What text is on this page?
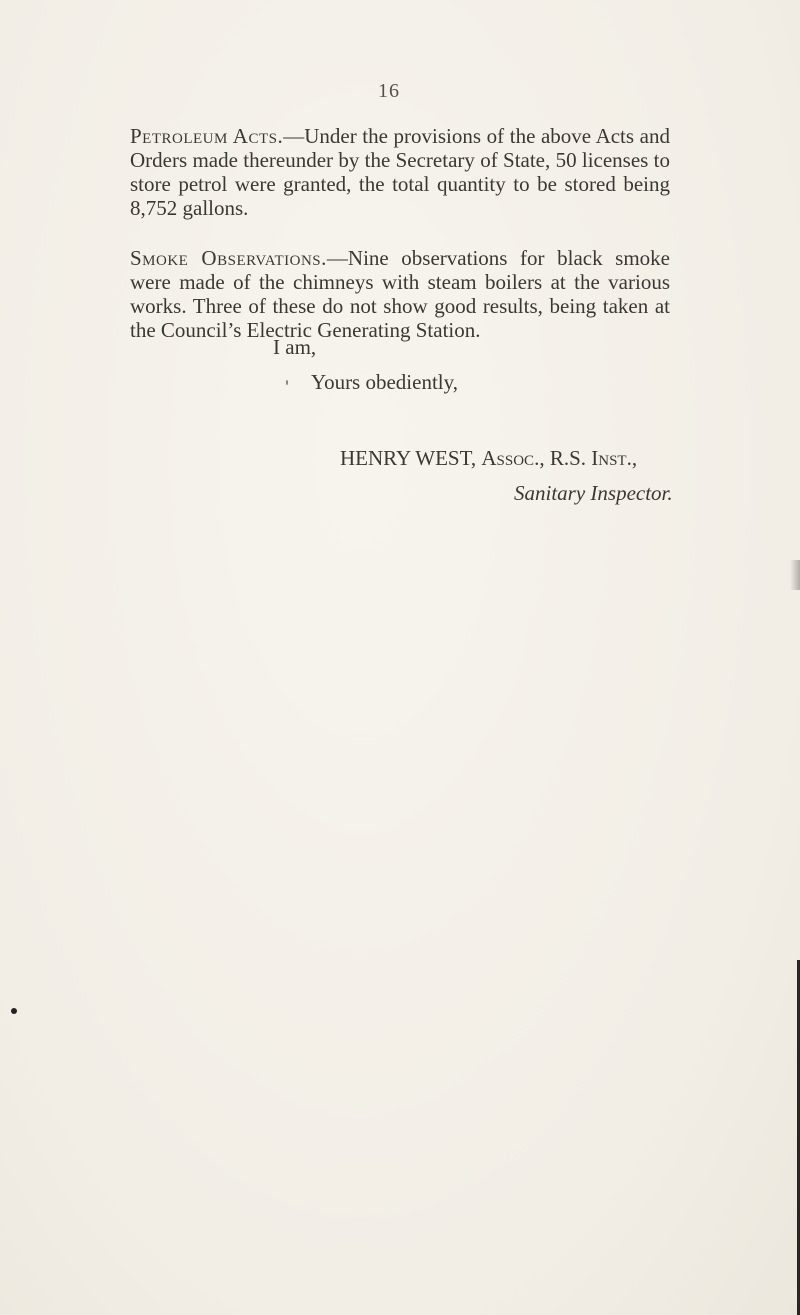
16
Petroleum Acts.—Under the provisions of the above Acts and Orders made thereunder by the Secretary of State, 50 licenses to store petrol were granted, the total quantity to be stored being 8,752 gallons.
Smoke Observations.—Nine observations for black smoke were made of the chimneys with steam boilers at the various works. Three of these do not show good results, being taken at the Council’s Electric Generating Station.
I am,
Yours obediently,
HENRY WEST, Assoc., R.S. Inst.,
Sanitary Inspector.
